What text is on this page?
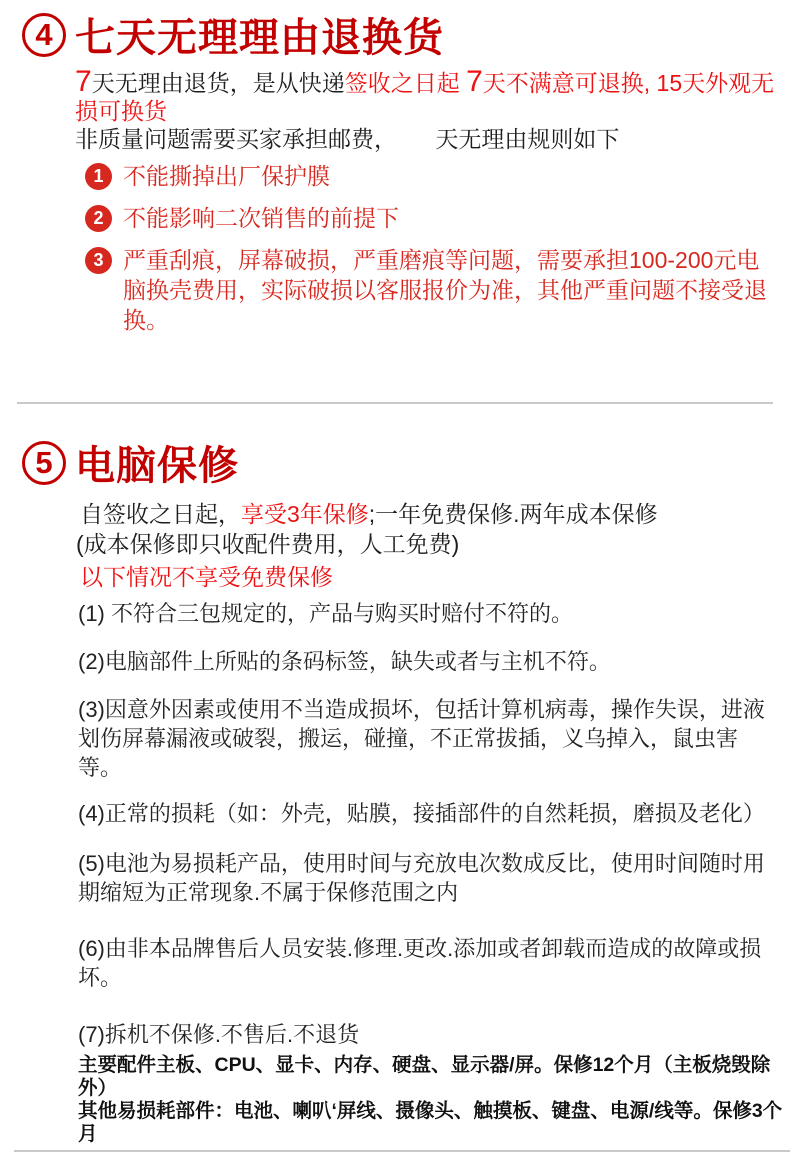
4 七天无理理由退换货
7天无理由退货，是从快递签收之日起 7天不满意可退换, 15天外观无损可换货
非质量问题需要买家承担邮费， 天无理由规则如下
1 不能撕掉出厂保护膜
2 不能影响二次销售的前提下
3 严重刮痕，屏幕破损，严重磨痕等问题，需要承担100-200元电脑换壳费用，实际破损以客服报价为准，其他严重问题不接受退换。
5 电脑保修
自签收之日起，享受3年保修;一年免费保修.两年成本保修
(成本保修即只收配件费用，人工免费)
以下情况不享受免费保修

(1) 不符合三包规定的，产品与购买时赔付不符的。

(2)电脑部件上所贴的条码标签，缺失或者与主机不符。

(3)因意外因素或使用不当造成损坏，包括计算机病毒，操作失误，进液划伤屏幕漏液或破裂，搬运，碰撞，不正常拔插，义乌掉入，鼠虫害等。

(4)正常的损耗（如：外壳，贴膜，接插部件的自然耗损，磨损及老化）

(5)电池为易损耗产品，使用时间与充放电次数成反比，使用时间随时用期缩短为正常现象.不属于保修范围之内

(6)由非本品牌售后人员安装.修理.更改.添加或者卸载而造成的故障或损坏。

(7)拆机不保修.不售后.不退货

主要配件主板、CPU、显卡、内存、硬盘、显示器/屏。保修12个月（主板烧毁除外）
其他易损耗部件：电池、喇叭‘屏线、摄像头、触摸板、键盘、电源/线等。保修3个月
